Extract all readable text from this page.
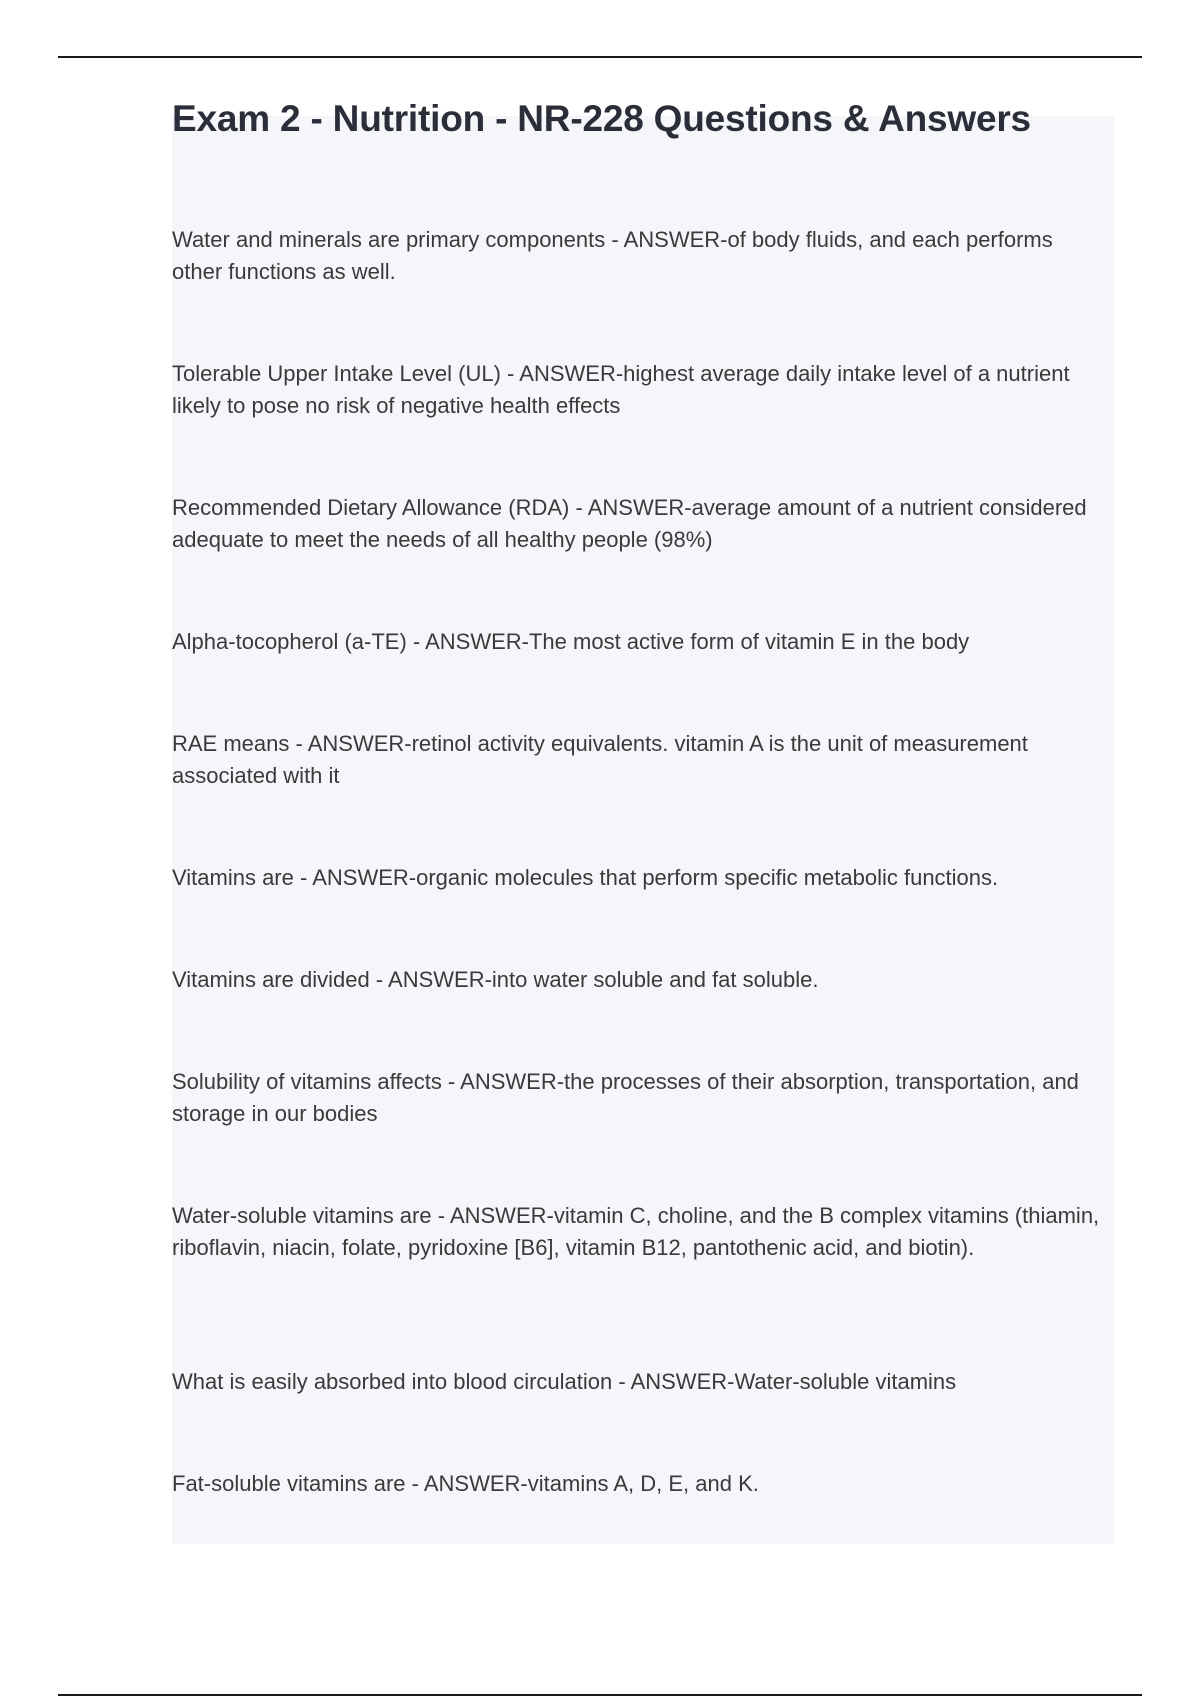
Exam 2 - Nutrition - NR-228 Questions & Answers
Water and minerals are primary components - ANSWER-of body fluids, and each performs other functions as well.
Tolerable Upper Intake Level (UL) - ANSWER-highest average daily intake level of a nutrient likely to pose no risk of negative health effects
Recommended Dietary Allowance (RDA) - ANSWER-average amount of a nutrient considered adequate to meet the needs of all healthy people (98%)
Alpha-tocopherol (a-TE) - ANSWER-The most active form of vitamin E in the body
RAE means - ANSWER-retinol activity equivalents. vitamin A is the unit of measurement associated with it
Vitamins are - ANSWER-organic molecules that perform specific metabolic functions.
Vitamins are divided - ANSWER-into water soluble and fat soluble.
Solubility of vitamins affects - ANSWER-the processes of their absorption, transportation, and storage in our bodies
Water-soluble vitamins are - ANSWER-vitamin C, choline, and the B complex vitamins (thiamin, riboflavin, niacin, folate, pyridoxine [B6], vitamin B12, pantothenic acid, and biotin).
What is easily absorbed into blood circulation - ANSWER-Water-soluble vitamins
Fat-soluble vitamins are - ANSWER-vitamins A, D, E, and K.
